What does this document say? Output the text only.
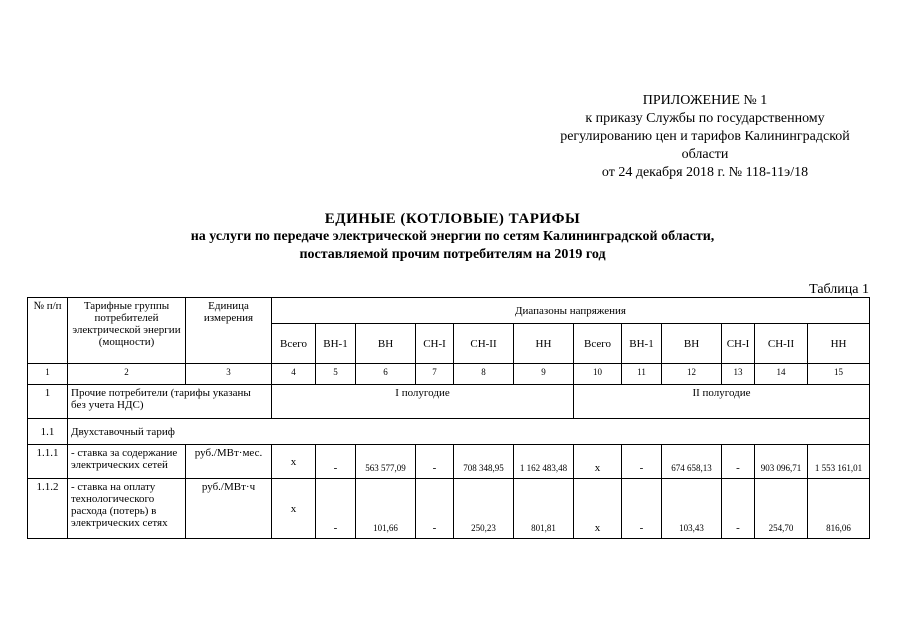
ПРИЛОЖЕНИЕ № 1
к приказу Службы по государственному
регулированию цен и тарифов Калининградской
области
от 24 декабря 2018 г. № 118-11э/18
ЕДИНЫЕ (КОТЛОВЫЕ) ТАРИФЫ
на услуги по передаче электрической энергии по сетям Калининградской области,
поставляемой прочим потребителям на 2019 год
Таблица 1
№ п/п	Тарифные группы потребителей электрической энергии (мощности)	Единица измерения	Диапазоны напряжения											
			Всего	ВН-1	ВН	СН-I	СН-II	НН	Всего	ВН-1	ВН	СН-I	СН-II	НН
1	2	3	4	5	6	7	8	9	10	11	12	13	14	15
1	Прочие потребители (тарифы указаны без учета НДС)		I полугодие						II полугодие					
1.1	Двухставочный тариф													
1.1.1	- ставка за содержание электрических сетей	руб./МВт·мес.	х	-	563 577,09	-	708 348,95	1 162 483,48	х	-	674 658,13	-	903 096,71	1 553 161,01
1.1.2	- ставка на оплату технологического расхода (потерь) в электрических сетях	руб./МВт·ч	х	-	101,66	-	250,23	801,81	х	-	103,43	-	254,70	816,06
